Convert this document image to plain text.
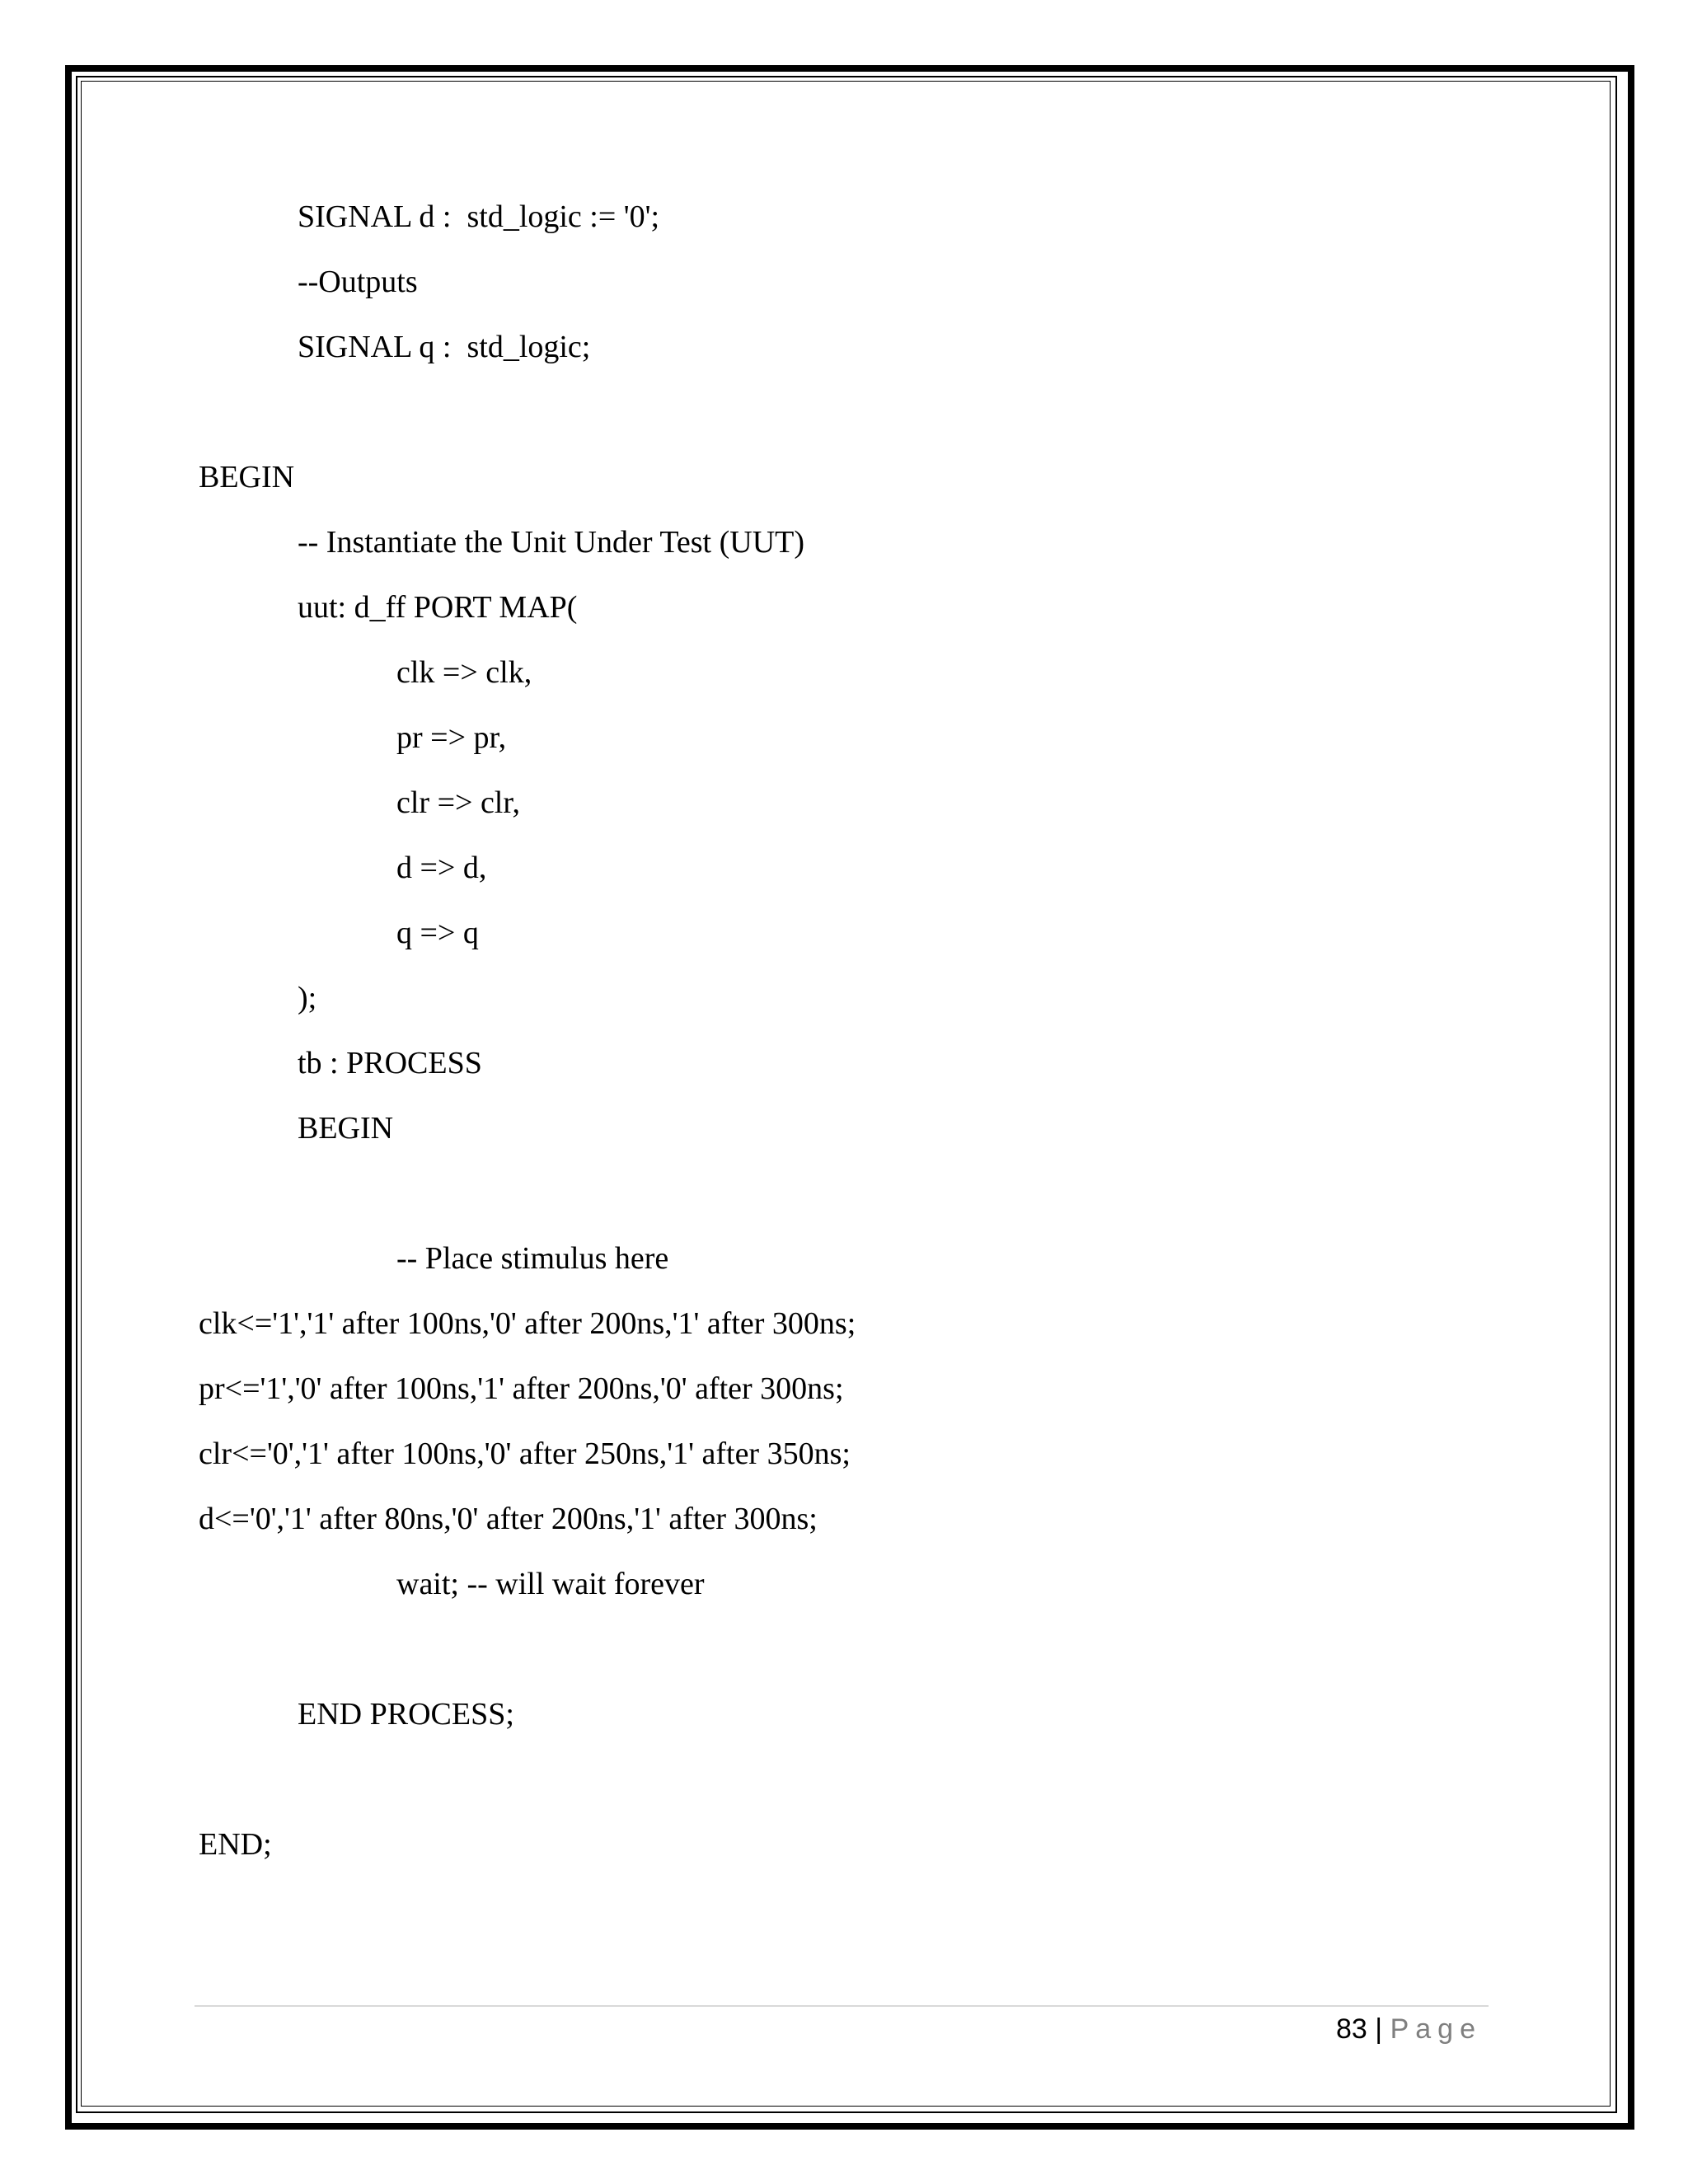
SIGNAL d :  std_logic := '0';
--Outputs
SIGNAL q :  std_logic;
BEGIN
-- Instantiate the Unit Under Test (UUT)
uut: d_ff PORT MAP(
clk => clk,
pr => pr,
clr => clr,
d => d,
q => q
);
tb : PROCESS
BEGIN
-- Place stimulus here
clk<='1','1' after 100ns,'0' after 200ns,'1' after 300ns;
pr<='1','0' after 100ns,'1' after 200ns,'0' after 300ns;
clr<='0','1' after 100ns,'0' after 250ns,'1' after 350ns;
d<='0','1' after 80ns,'0' after 200ns,'1' after 300ns;
wait; -- will wait forever
END PROCESS;
END;
83 | Page
